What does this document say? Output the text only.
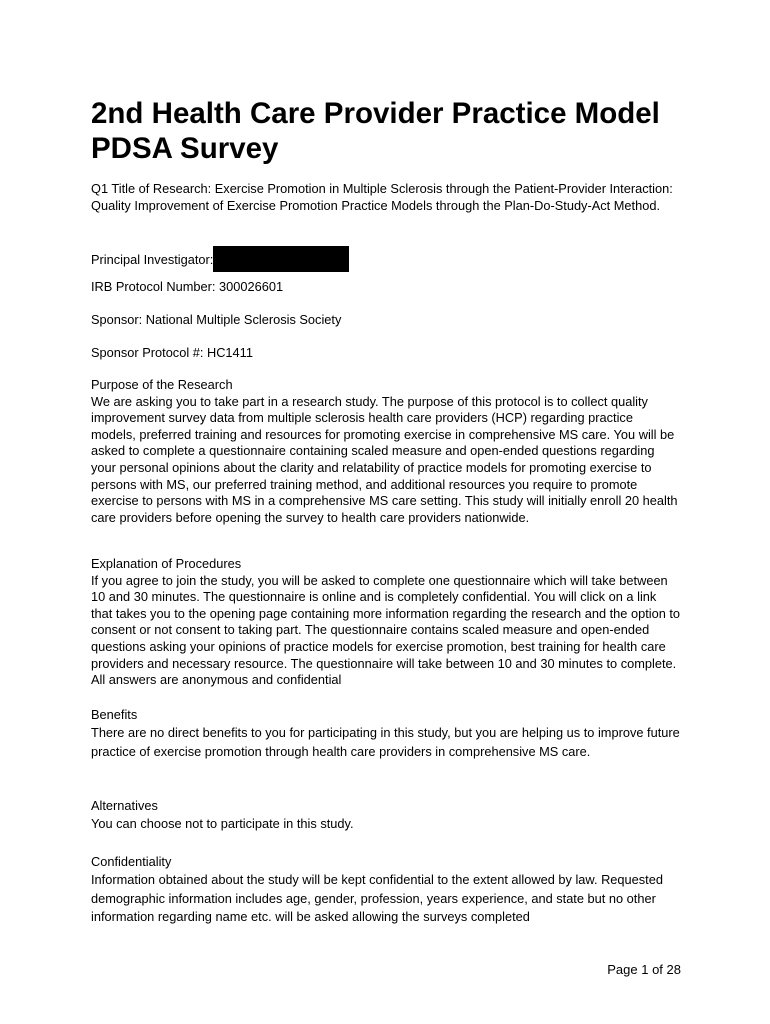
2nd Health Care Provider Practice Model PDSA Survey

Q1 Title of Research: Exercise Promotion in Multiple Sclerosis through the Patient-Provider Interaction: Quality Improvement of Exercise Promotion Practice Models through the Plan-Do-Study-Act Method.

Principal Investigator:

IRB Protocol Number: 300026601

Sponsor: National Multiple Sclerosis Society

Sponsor Protocol #: HC1411

Purpose of the Research
We are asking you to take part in a research study. The purpose of this protocol is to collect quality improvement survey data from multiple sclerosis health care providers (HCP) regarding practice models, preferred training and resources for promoting exercise in comprehensive MS care. You will be asked to complete a questionnaire containing scaled measure and open-ended questions regarding your personal opinions about the clarity and relatability of practice models for promoting exercise to persons with MS, our preferred training method, and additional resources you require to promote exercise to persons with MS in a comprehensive MS care setting. This study will initially enroll 20 health care providers before opening the survey to health care providers nationwide.
Explanation of Procedures
If you agree to join the study, you will be asked to complete one questionnaire which will take between 10 and 30 minutes. The questionnaire is online and is completely confidential. You will click on a link that takes you to the opening page containing more information regarding the research and the option to consent or not consent to taking part. The questionnaire contains scaled measure and open-ended questions asking your opinions of practice models for exercise promotion, best training for health care providers and necessary resource. The questionnaire will take between 10 and 30 minutes to complete. All answers are anonymous and confidential
Benefits
There are no direct benefits to you for participating in this study, but you are helping us to improve future practice of exercise promotion through health care providers in comprehensive MS care.
Alternatives
You can choose not to participate in this study.
Confidentiality
Information obtained about the study will be kept confidential to the extent allowed by law. Requested demographic information includes age, gender, profession, years experience, and state but no other information regarding name etc. will be asked allowing the surveys completed
Page 1 of 28
